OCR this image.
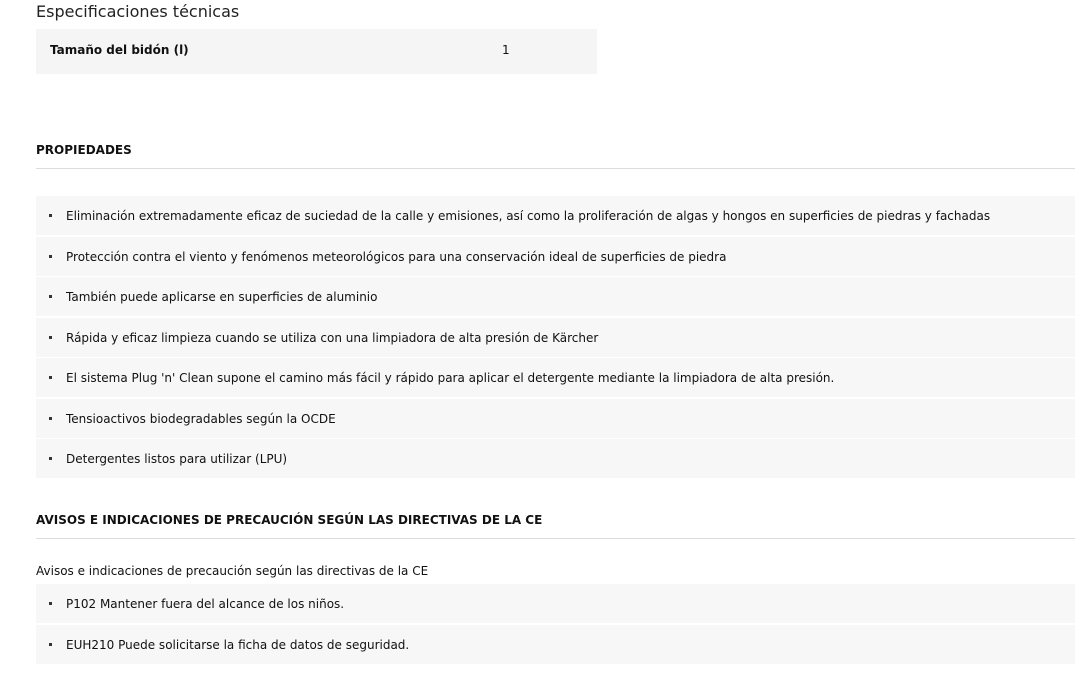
Especificaciones técnicas
Tamaño del bidón (l)	1
PROPIEDADES
Eliminación extremadamente eficaz de suciedad de la calle y emisiones, así como la proliferación de algas y hongos en superficies de piedras y fachadas
Protección contra el viento y fenómenos meteorológicos para una conservación ideal de superficies de piedra
También puede aplicarse en superficies de aluminio
Rápida y eficaz limpieza cuando se utiliza con una limpiadora de alta presión de Kärcher
El sistema Plug 'n' Clean supone el camino más fácil y rápido para aplicar el detergente mediante la limpiadora de alta presión.
Tensioactivos biodegradables según la OCDE
Detergentes listos para utilizar (LPU)
AVISOS E INDICACIONES DE PRECAUCIÓN SEGÚN LAS DIRECTIVAS DE LA CE
Avisos e indicaciones de precaución según las directivas de la CE
P102 Mantener fuera del alcance de los niños.
EUH210 Puede solicitarse la ficha de datos de seguridad.
